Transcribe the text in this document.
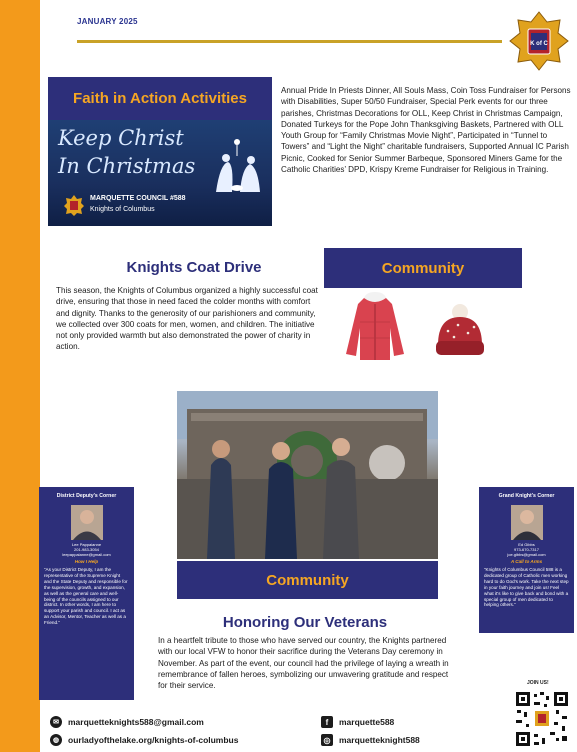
JANUARY 2025
K of C
Faith in Action Activities
Keep Christ
In Christmas
MARQUETTE COUNCIL #588
Knights of Columbus
Annual Pride In Priests Dinner, All Souls Mass, Coin Toss Fundraiser for Persons with Disabilities, Super 50/50 Fundraiser, Special Perk events for our three parishes, Christmas Decorations for OLL, Keep Christ in Christmas Campaign, Donated Turkeys for the Pope John Thanksgiving Baskets, Partnered with OLL Youth Group for “Family Christmas Movie Night”, Participated in “Tunnel to Towers” and “Light the Night” charitable fundraisers, Supported Annual IC Parish Picnic, Cooked for Senior Summer Barbeque, Sponsored Miners Game for the Catholic Charities’ DPD, Krispy Kreme Fundraiser for Religious in Training.
Knights Coat Drive
This season, the Knights of Columbus organized a highly successful coat drive, ensuring that those in need faced the colder months with comfort and dignity. Thanks to the generosity of our parishioners and community, we collected over 300 coats for men, women, and children. The initiative not only provided warmth but also demonstrated the power of charity in action.
Community
Community
Honoring Our Veterans
In a heartfelt tribute to those who have served our country, the Knights partnered with our local VFW to honor their sacrifice during the Veterans Day ceremony in November. As part of the event, our council had the privilege of laying a wreath in remembrance of fallen heroes, symbolizing our unwavering gratitude and respect for their service.
District Deputy's Corner
Lee Pappaianne
201-983-3054
leepappaianne@gmail.com
How I Help
“As your District Deputy, I am the representative of the Supreme Knight and the State Deputy and responsible for the supervision, growth, and expansion, as well as the general care and well-being of the councils assigned to our district. In other words, I am here to support your parish and council. I act as an Advisor, Mentor, Teacher as well as a Friend.”
Grand Knight's Corner
Ed Gibbs
973-670-7317
joe.gibbs@gmail.com
A Call to Arms
“Knights of Columbus Council 588 is a dedicated group of Catholic men working hard to do God’s work. Take the next step in your faith journey and join us! Feel what it’s like to give back and bond with a special group of men dedicated to helping others.”
✉	marquetteknights588@gmail.com
◍	ourladyofthelake.org/knights-of-columbus
f	marquette588
◎ marquetteknight588
JOIN US!
